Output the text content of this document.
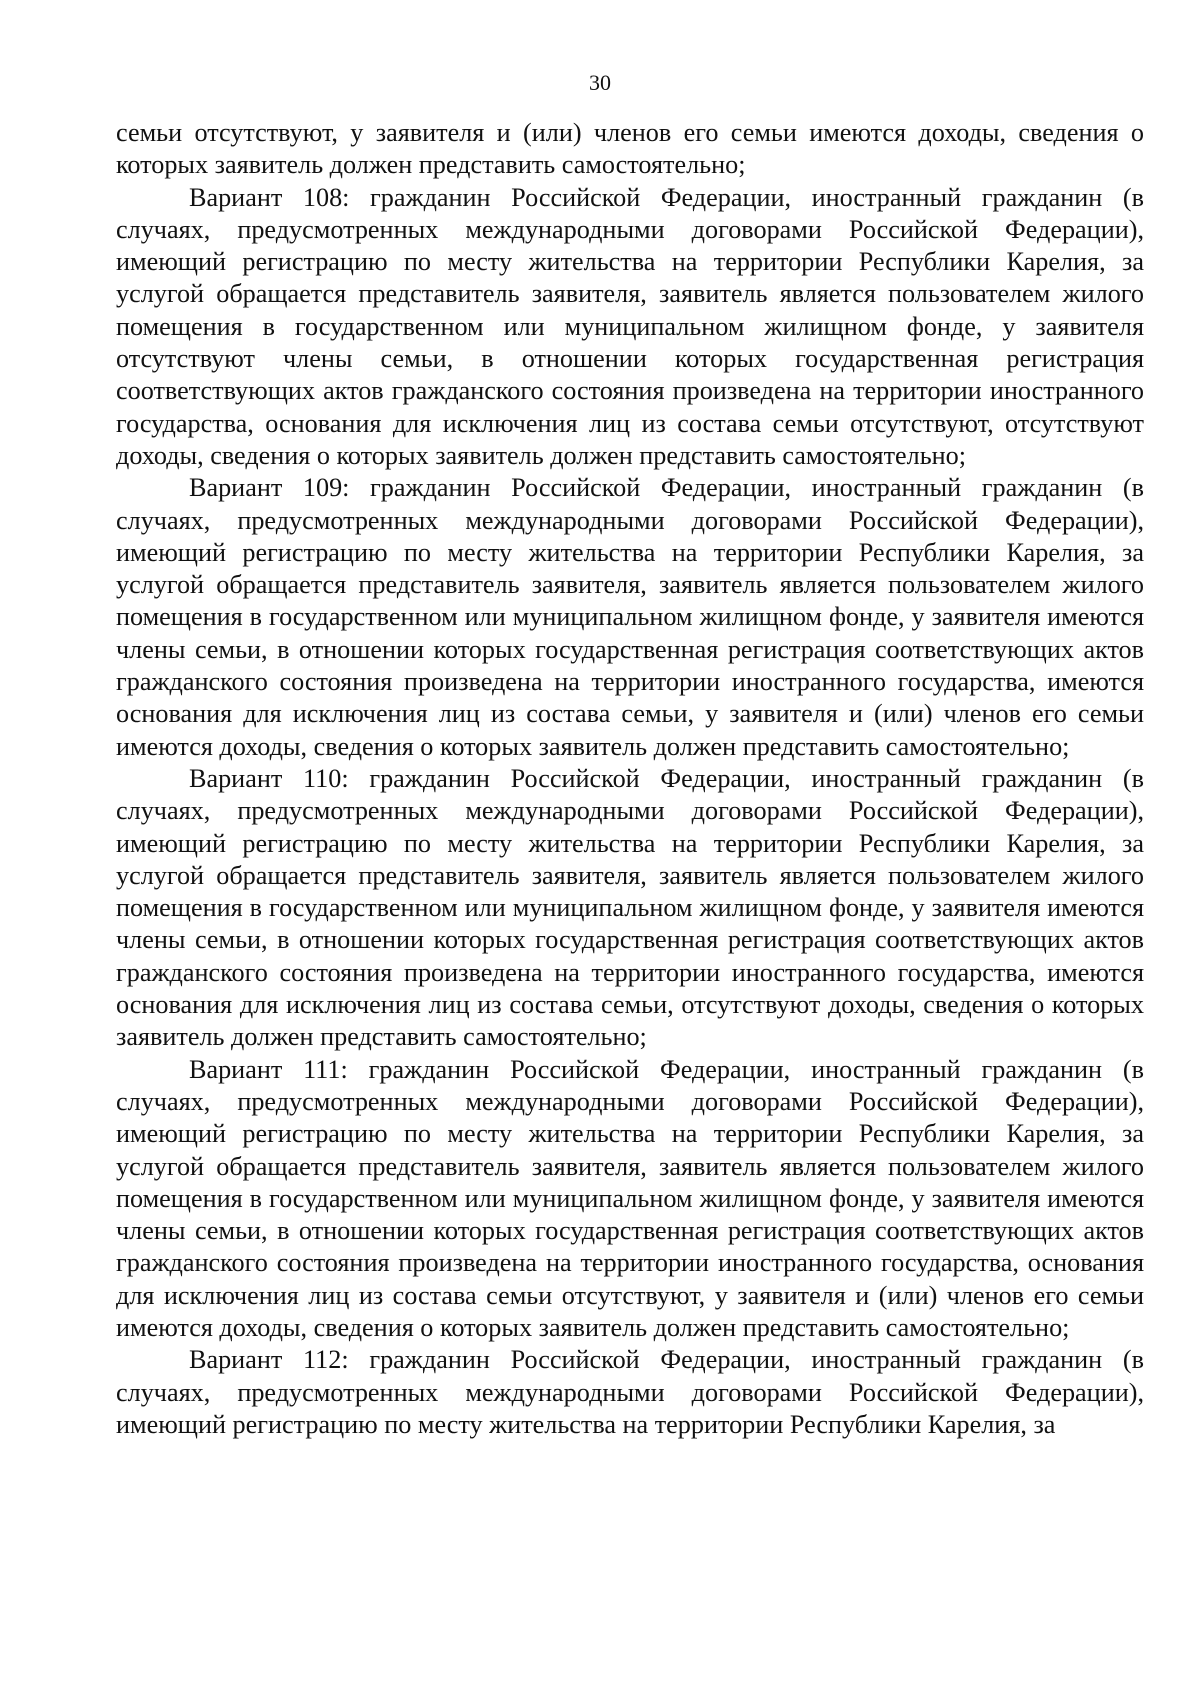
30

семьи отсутствуют, у заявителя и (или) членов его семьи имеются доходы, сведения о которых заявитель должен представить самостоятельно;

Вариант 108: гражданин Российской Федерации, иностранный гражданин (в случаях, предусмотренных международными договорами Российской Федерации), имеющий регистрацию по месту жительства на территории Республики Карелия, за услугой обращается представитель заявителя, заявитель является пользователем жилого помещения в государственном или муниципальном жилищном фонде, у заявителя отсутствуют члены семьи, в отношении которых государственная регистрация соответствующих актов гражданского состояния произведена на территории иностранного государства, основания для исключения лиц из состава семьи отсутствуют, отсутствуют доходы, сведения о которых заявитель должен представить самостоятельно;

Вариант 109: гражданин Российской Федерации, иностранный гражданин (в случаях, предусмотренных международными договорами Российской Федерации), имеющий регистрацию по месту жительства на территории Республики Карелия, за услугой обращается представитель заявителя, заявитель является пользователем жилого помещения в государственном или муниципальном жилищном фонде, у заявителя имеются члены семьи, в отношении которых государственная регистрация соответствующих актов гражданского состояния произведена на территории иностранного государства, имеются основания для исключения лиц из состава семьи, у заявителя и (или) членов его семьи имеются доходы, сведения о которых заявитель должен представить самостоятельно;

Вариант 110: гражданин Российской Федерации, иностранный гражданин (в случаях, предусмотренных международными договорами Российской Федерации), имеющий регистрацию по месту жительства на территории Республики Карелия, за услугой обращается представитель заявителя, заявитель является пользователем жилого помещения в государственном или муниципальном жилищном фонде, у заявителя имеются члены семьи, в отношении которых государственная регистрация соответствующих актов гражданского состояния произведена на территории иностранного государства, имеются основания для исключения лиц из состава семьи, отсутствуют доходы, сведения о которых заявитель должен представить самостоятельно;

Вариант 111: гражданин Российской Федерации, иностранный гражданин (в случаях, предусмотренных международными договорами Российской Федерации), имеющий регистрацию по месту жительства на территории Республики Карелия, за услугой обращается представитель заявителя, заявитель является пользователем жилого помещения в государственном или муниципальном жилищном фонде, у заявителя имеются члены семьи, в отношении которых государственная регистрация соответствующих актов гражданского состояния произведена на территории иностранного государства, основания для исключения лиц из состава семьи отсутствуют, у заявителя и (или) членов его семьи имеются доходы, сведения о которых заявитель должен представить самостоятельно;

Вариант 112: гражданин Российской Федерации, иностранный гражданин (в случаях, предусмотренных международными договорами Российской Федерации), имеющий регистрацию по месту жительства на территории Республики Карелия, за
